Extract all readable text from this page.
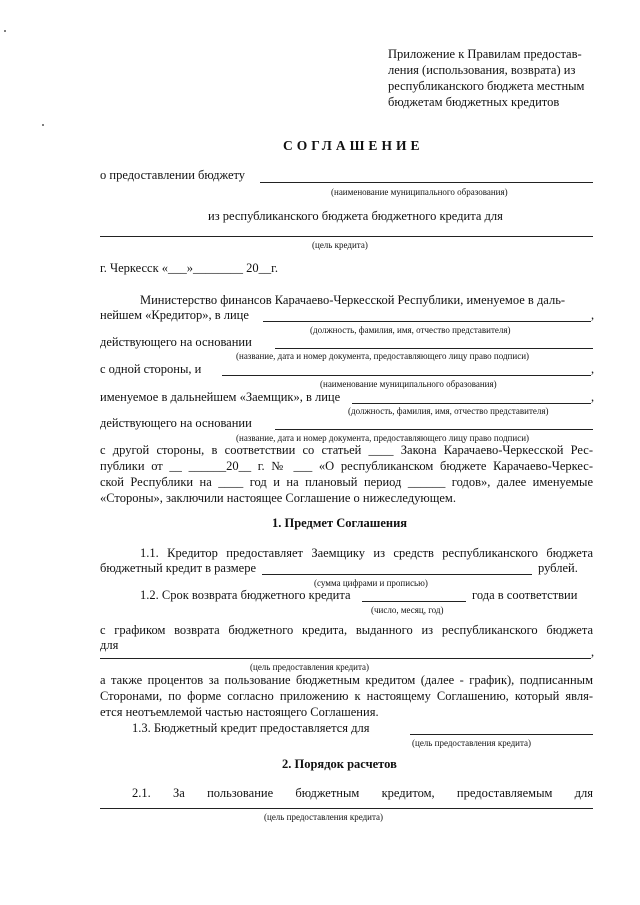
Приложение к Правилам предостав-
ления (использования, возврата) из
республиканского бюджета местным
бюджетам бюджетных кредитов
СОГЛАШЕНИЕ
о предоставлении бюджету
(наименование муниципального образования)
из республиканского бюджета бюджетного кредита для
(цель кредита)
г. Черкесск «___»________ 20__г.
Министерство финансов Карачаево-Черкесской Республики, именуемое в даль-
нейшем «Кредитор», в лице	,
(должность, фамилия, имя, отчество представителя)
действующего на основании
(название, дата и номер документа, предоставляющего лицу право подписи)
с одной стороны, и	,
(наименование муниципального образования)
именуемое в дальнейшем «Заемщик», в лице	,
(должность, фамилия, имя, отчество представителя)
действующего на основании
(название, дата и номер документа, предоставляющего лицу право подписи)
с другой стороны, в соответствии со статьей ____ Закона Карачаево-Черкесской Рес-
публики от __ ______20__ г. № ___ «О республиканском бюджете Карачаево-Черкес-
ской Республики на ____ год и на плановый период ______ годов», далее именуемые
«Стороны», заключили настоящее Соглашение о нижеследующем.
1. Предмет Соглашения
1.1. Кредитор предоставляет Заемщику из средств республиканского бюджета
бюджетный кредит в размере	рублей.
(сумма цифрами и прописью)
1.2. Срок возврата бюджетного кредита	года в соответствии
(число, месяц, год)
с графиком возврата бюджетного кредита, выданного из республиканского бюджета
для	,
(цель предоставления кредита)
а также процентов за пользование бюджетным кредитом (далее - график), подписанным
Сторонами, по форме согласно приложению к настоящему Соглашению, который явля-
ется неотъемлемой частью настоящего Соглашения.
1.3. Бюджетный кредит предоставляется для
(цель предоставления кредита)
2. Порядок расчетов
2.1. За пользование бюджетным кредитом, предоставляемым для
(цель предоставления кредита)
